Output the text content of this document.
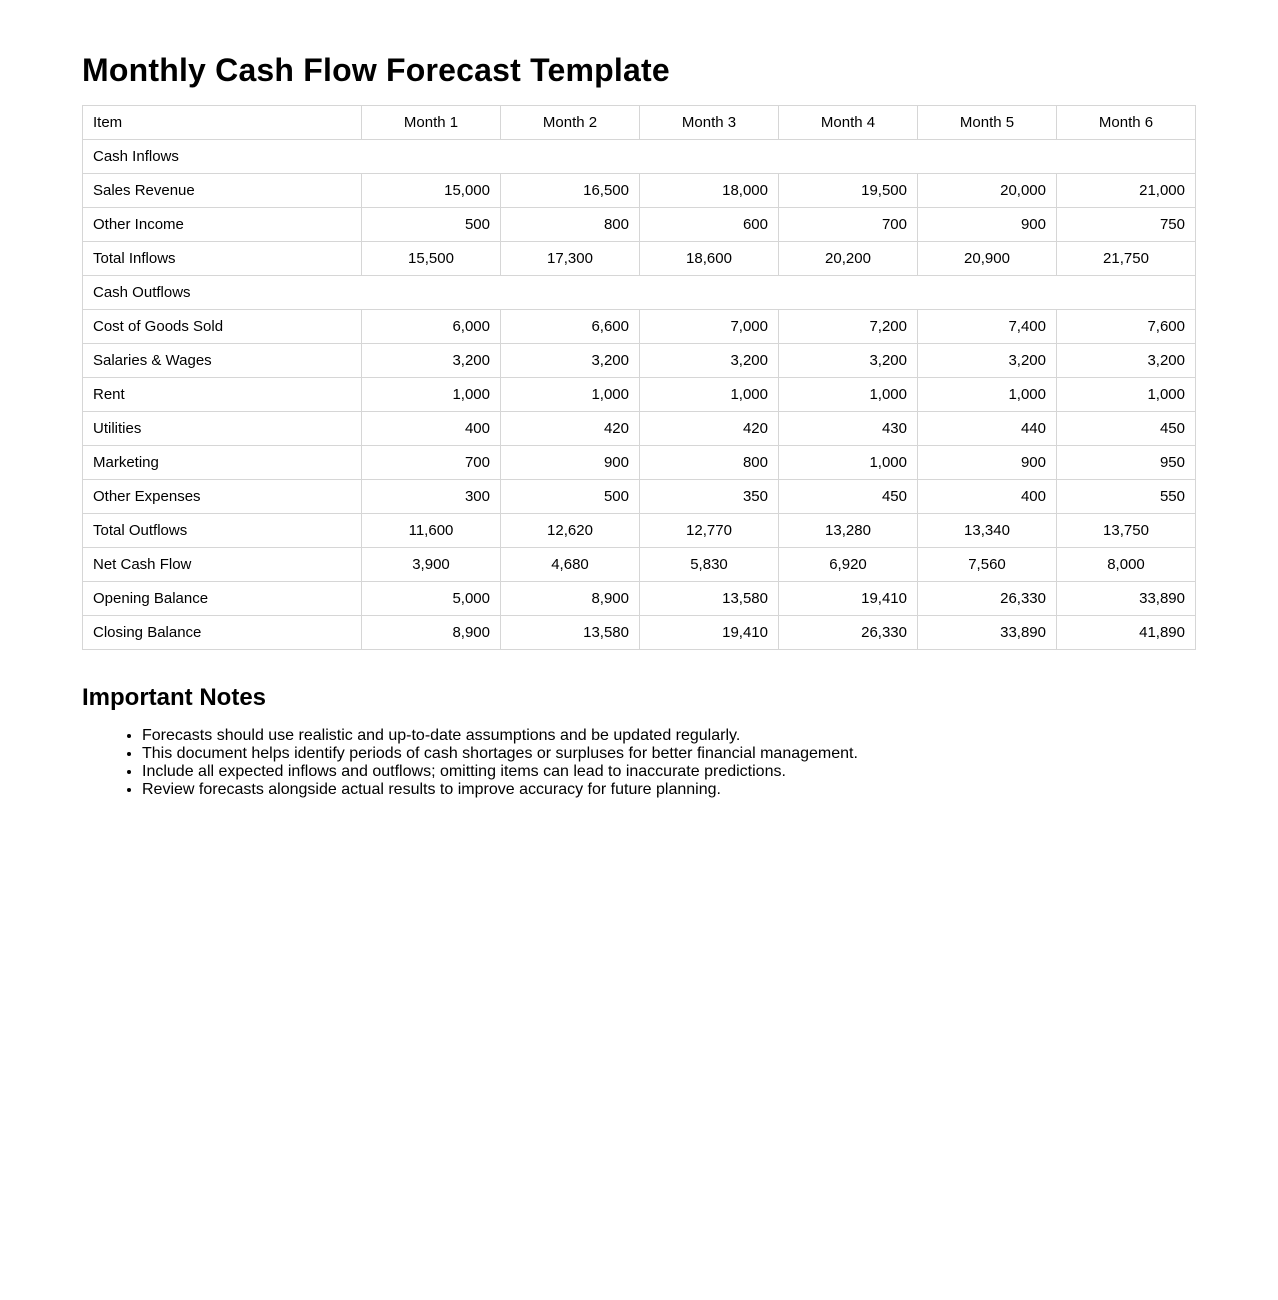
Monthly Cash Flow Forecast Template
Item	Month 1	Month 2	Month 3	Month 4	Month 5	Month 6
Cash Inflows						
Sales Revenue	15,000	16,500	18,000	19,500	20,000	21,000
Other Income	500	800	600	700	900	750
Total Inflows	15,500	17,300	18,600	20,200	20,900	21,750
Cash Outflows						
Cost of Goods Sold	6,000	6,600	7,000	7,200	7,400	7,600
Salaries & Wages	3,200	3,200	3,200	3,200	3,200	3,200
Rent	1,000	1,000	1,000	1,000	1,000	1,000
Utilities	400	420	420	430	440	450
Marketing	700	900	800	1,000	900	950
Other Expenses	300	500	350	450	400	550
Total Outflows	11,600	12,620	12,770	13,280	13,340	13,750
Net Cash Flow	3,900	4,680	5,830	6,920	7,560	8,000
Opening Balance	5,000	8,900	13,580	19,410	26,330	33,890
Closing Balance	8,900	13,580	19,410	26,330	33,890	41,890
Important Notes
• Forecasts should use realistic and up-to-date assumptions and be updated regularly.
• This document helps identify periods of cash shortages or surpluses for better financial management.
• Include all expected inflows and outflows; omitting items can lead to inaccurate predictions.
• Review forecasts alongside actual results to improve accuracy for future planning.
